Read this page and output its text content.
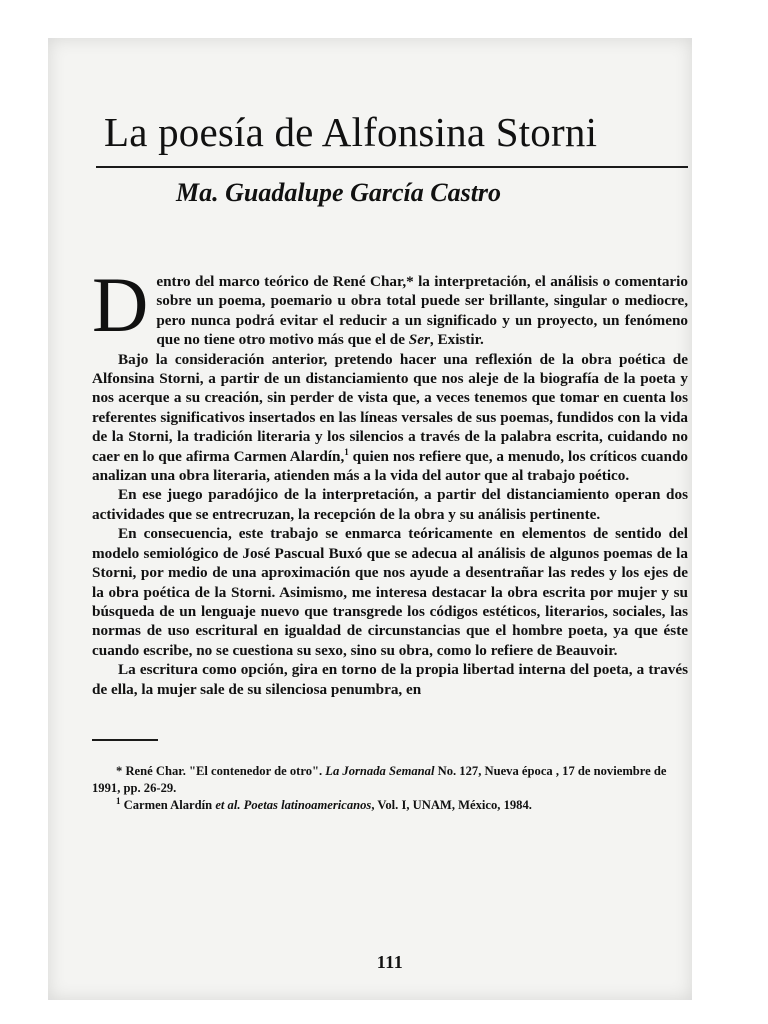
La poesía de Alfonsina Storni
Ma. Guadalupe García Castro

Dentro del marco teórico de René Char,* la interpretación, el análisis o comentario sobre un poema, poemario u obra total puede ser brillante, singular o mediocre, pero nunca podrá evitar el reducir a un significado y un proyecto, un fenómeno que no tiene otro motivo más que el de Ser, Existir.

Bajo la consideración anterior, pretendo hacer una reflexión de la obra poética de Alfonsina Storni, a partir de un distanciamiento que nos aleje de la biografía de la poeta y nos acerque a su creación, sin perder de vista que, a veces tenemos que tomar en cuenta los referentes significativos insertados en las líneas versales de sus poemas, fundidos con la vida de la Storni, la tradición literaria y los silencios a través de la palabra escrita, cuidando no caer en lo que afirma Carmen Alardín,$^1$ quien nos refiere que, a menudo, los críticos cuando analizan una obra literaria, atienden más a la vida del autor que al trabajo poético.

En ese juego paradójico de la interpretación, a partir del distanciamiento operan dos actividades que se entrecruzan, la recepción de la obra y su análisis pertinente.

En consecuencia, este trabajo se enmarca teóricamente en elementos de sentido del modelo semiológico de José Pascual Buxó que se adecua al análisis de algunos poemas de la Storni, por medio de una aproximación que nos ayude a desentrañar las redes y los ejes de la obra poética de la Storni. Asimismo, me interesa destacar la obra escrita por mujer y su búsqueda de un lenguaje nuevo que transgrede los códigos estéticos, literarios, sociales, las normas de uso escritural en igualdad de circunstancias que el hombre poeta, ya que éste cuando escribe, no se cuestiona su sexo, sino su obra, como lo refiere de Beauvoir.

La escritura como opción, gira en torno de la propia libertad interna del poeta, a través de ella, la mujer sale de su silenciosa penumbra, en

* René Char. "El contenedor de otro". La Jornada Semanal No. 127, Nueva época , 17 de noviembre de 1991, pp. 26-29.

$^1$ Carmen Alardín et al. Poetas latinoamericanos, Vol. I, UNAM, México, 1984.

111
